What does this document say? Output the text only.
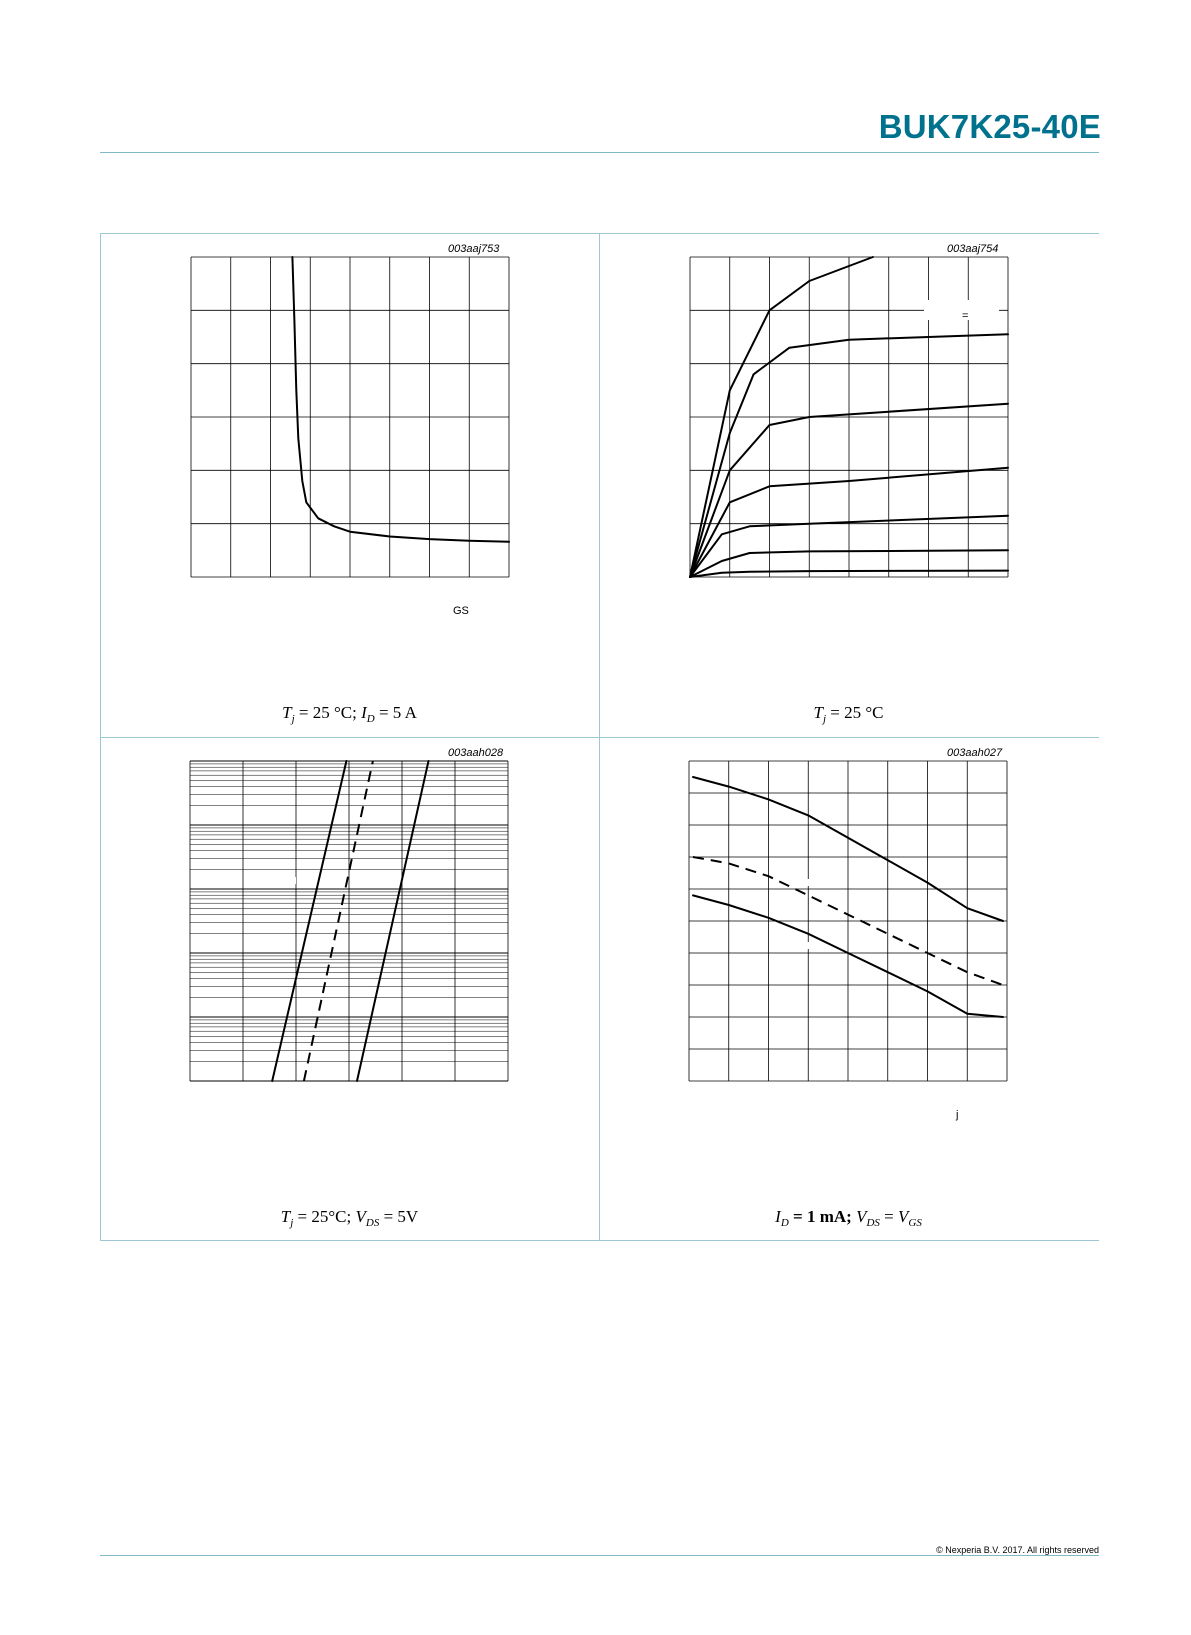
BUK7K25-40E
003aaj753
GS
$T_j = 25$ °C; $I_D = 5$ A
003aaj754
=
$T_j = 25$ °C
003aah028
$T_j = 25^\circ C$; $V_{DS} = 5V$
003aah027
j
$I_D = 1$ mA; $V_{DS} = V_{GS}$
© Nexperia B.V. 2017. All rights reserved
